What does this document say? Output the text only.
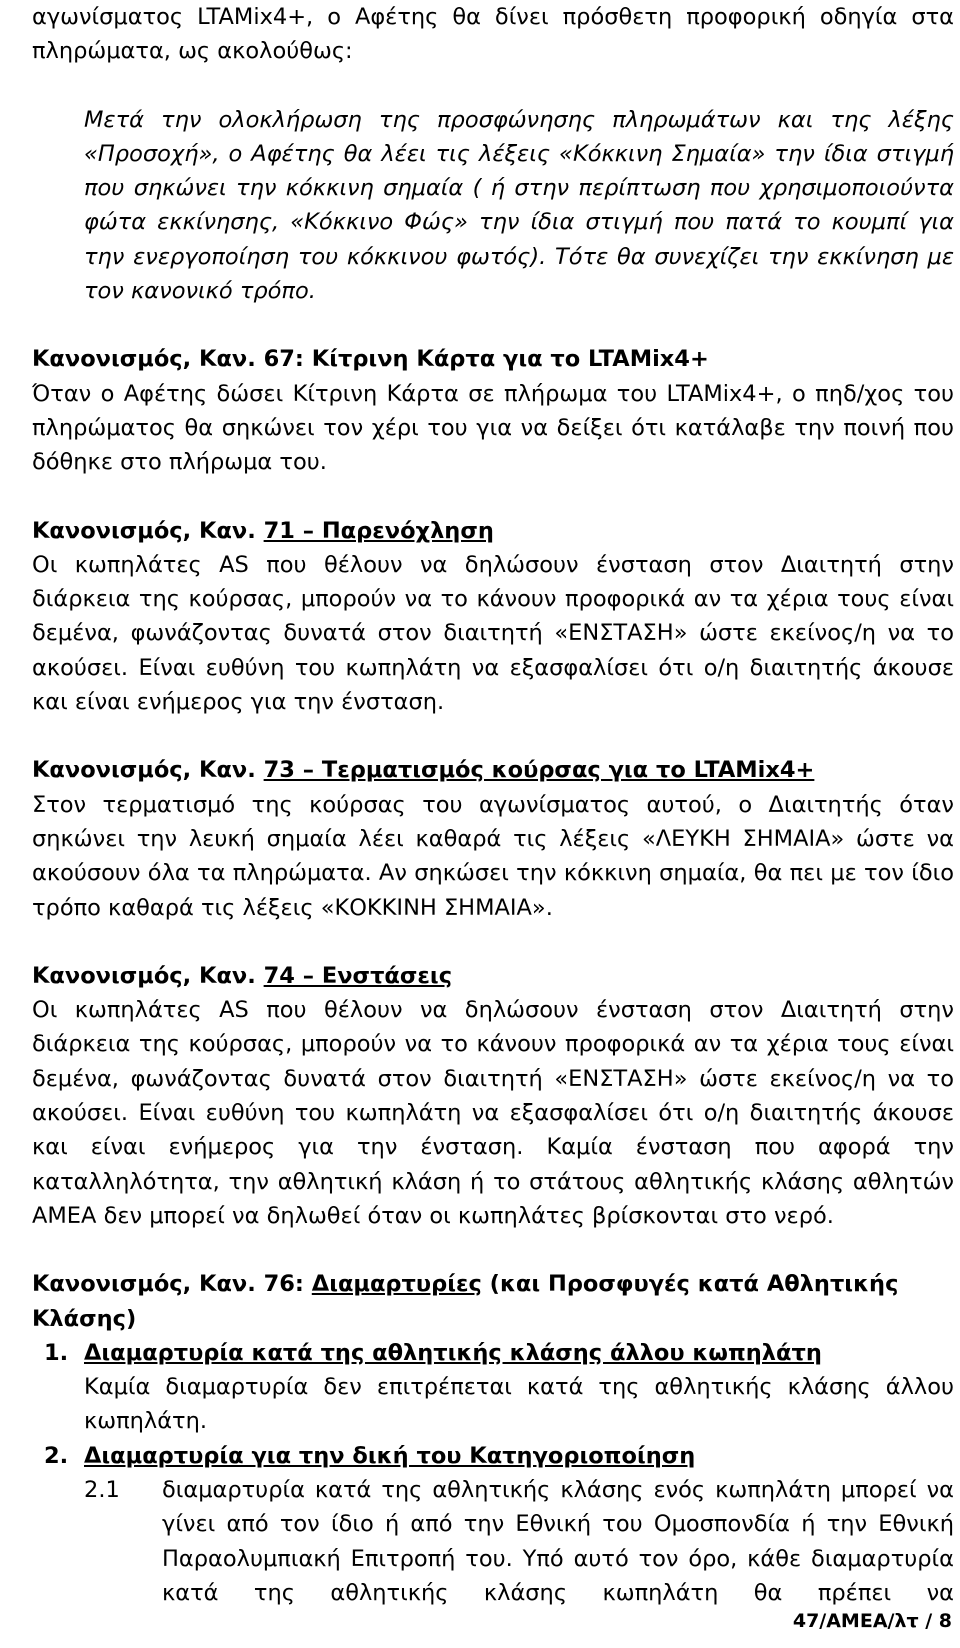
αγωνίσματος LTAMix4+, ο Αφέτης θα δίνει πρόσθετη προφορική οδηγία στα πληρώματα, ως ακολούθως:

Μετά την ολοκλήρωση της προσφώνησης πληρωμάτων και της λέξης «Προσοχή», ο Αφέτης θα λέει τις λέξεις «Κόκκινη Σημαία» την ίδια στιγμή που σηκώνει την κόκκινη σημαία ( ή στην περίπτωση που χρησιμοποιούντα φώτα εκκίνησης, «Κόκκινο Φώς» την ίδια στιγμή που πατά το κουμπί για την ενεργοποίηση του κόκκινου φωτός). Τότε θα συνεχίζει την εκκίνηση με τον κανονικό τρόπο.

Κανονισμός, Καν. 67: Κίτρινη Κάρτα για το LTAMix4+

Όταν ο Αφέτης δώσει Κίτρινη Κάρτα σε πλήρωμα του LTAMix4+, ο πηδ/χος του πληρώματος θα σηκώνει τον χέρι του για να δείξει ότι κατάλαβε την ποινή που δόθηκε στο πλήρωμα του.

Κανονισμός, Καν. 71 – Παρενόχληση

Οι κωπηλάτες AS που θέλουν να δηλώσουν ένσταση στον Διαιτητή στην διάρκεια της κούρσας, μπορούν να το κάνουν προφορικά αν τα χέρια τους είναι δεμένα, φωνάζοντας δυνατά στον διαιτητή «ΕΝΣΤΑΣΗ» ώστε εκείνος/η να το ακούσει. Είναι ευθύνη του κωπηλάτη να εξασφαλίσει ότι ο/η διαιτητής άκουσε και είναι ενήμερος για την ένσταση.

Κανονισμός, Καν. 73 – Τερματισμός κούρσας για το LTAMix4+

Στον τερματισμό της κούρσας του αγωνίσματος αυτού, ο Διαιτητής όταν σηκώνει την λευκή σημαία λέει καθαρά τις λέξεις «ΛΕΥΚΗ ΣΗΜΑΙΑ» ώστε να ακούσουν όλα τα πληρώματα. Αν σηκώσει την κόκκινη σημαία, θα πει με τον ίδιο τρόπο καθαρά τις λέξεις «ΚΟΚΚΙΝΗ ΣΗΜΑΙΑ».

Κανονισμός, Καν. 74 – Ενστάσεις

Οι κωπηλάτες AS που θέλουν να δηλώσουν ένσταση στον Διαιτητή στην διάρκεια της κούρσας, μπορούν να το κάνουν προφορικά αν τα χέρια τους είναι δεμένα, φωνάζοντας δυνατά στον διαιτητή «ΕΝΣΤΑΣΗ» ώστε εκείνος/η να το ακούσει. Είναι ευθύνη του κωπηλάτη να εξασφαλίσει ότι ο/η διαιτητής άκουσε και είναι ενήμερος για την ένσταση. Καμία ένσταση που αφορά την καταλληλότητα, την αθλητική κλάση ή το στάτους αθλητικής κλάσης αθλητών ΑΜΕΑ δεν μπορεί να δηλωθεί όταν οι κωπηλάτες βρίσκονται στο νερό.

Κανονισμός, Καν. 76: Διαμαρτυρίες (και Προσφυγές κατά Αθλητικής Κλάσης)

1. Διαμαρτυρία κατά της αθλητικής κλάσης άλλου κωπηλάτη

Καμία διαμαρτυρία δεν επιτρέπεται κατά της αθλητικής κλάσης άλλου κωπηλάτη.

2. Διαμαρτυρία για την δική του Κατηγοριοποίηση

2.1 διαμαρτυρία κατά της αθλητικής κλάσης ενός κωπηλάτη μπορεί να γίνει από τον ίδιο ή από την Εθνική του Ομοσπονδία ή την Εθνική Παραολυμπιακή Επιτροπή του. Υπό αυτό τον όρο, κάθε διαμαρτυρία κατά της αθλητικής κλάσης κωπηλάτη θα πρέπει να

47/ΑΜΕΑ/λτ / 8
